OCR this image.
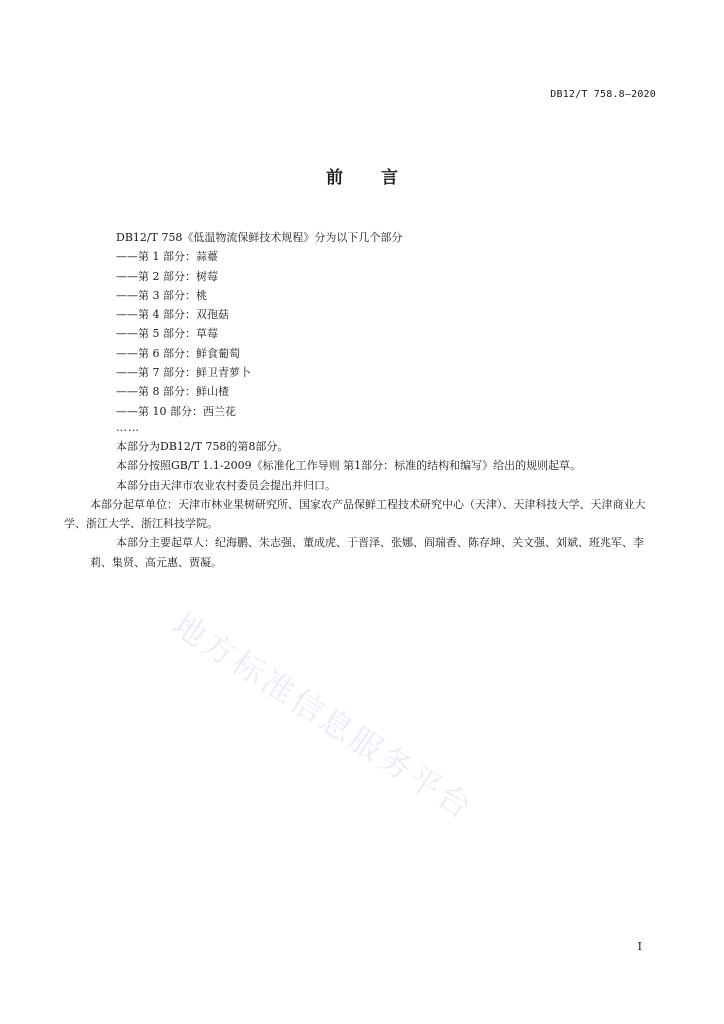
DB12/T 758.8—2020
前 言
DB12/T 758《低温物流保鲜技术规程》分为以下几个部分
——第 1 部分：蒜薹
——第 2 部分：树莓
——第 3 部分：桃
——第 4 部分：双孢菇
——第 5 部分：草莓
——第 6 部分：鲜食葡萄
——第 7 部分：鲜卫青萝卜
——第 8 部分：鲜山楂
——第 10 部分：西兰花
……
本部分为DB12/T 758的第8部分。
本部分按照GB/T 1.1-2009《标准化工作导则 第1部分：标准的结构和编写》给出的规则起草。
本部分由天津市农业农村委员会提出并归口。
本部分起草单位：天津市林业果树研究所、国家农产品保鲜工程技术研究中心（天津）、天津科技大学、天津商业大学、浙江大学、浙江科技学院。
本部分主要起草人：纪海鹏、朱志强、董成虎、于晋泽、张娜、阎瑞香、陈存坤、关文强、刘斌、班兆军、李莉、集贤、高元惠、贾凝。
地方标准信息服务平台
I
